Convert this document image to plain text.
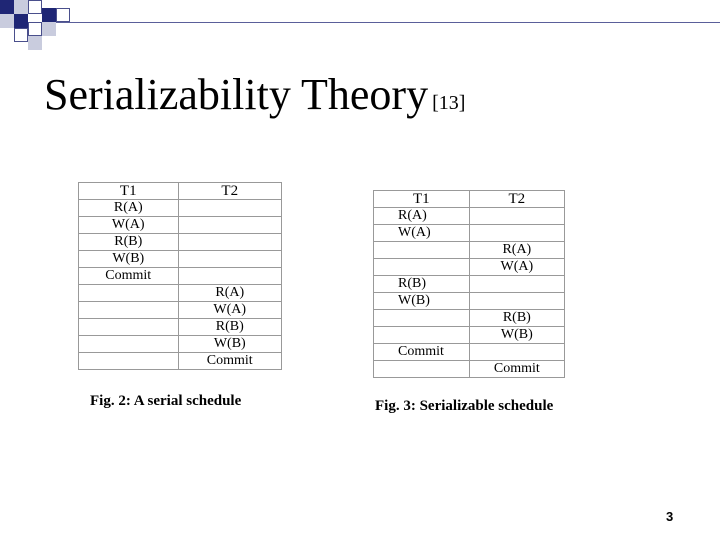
Serializability Theory [13]
T1	T2
R(A)	
W(A)	
R(B)	
W(B)	
Commit	
	R(A)
	W(A)
	R(B)
	W(B)
	Commit
Fig. 2: A serial schedule
T1	T2
R(A)	
W(A)	
	R(A)
	W(A)
R(B)	
W(B)	
	R(B)
	W(B)
Commit	
	Commit
Fig. 3: Serializable schedule
3
